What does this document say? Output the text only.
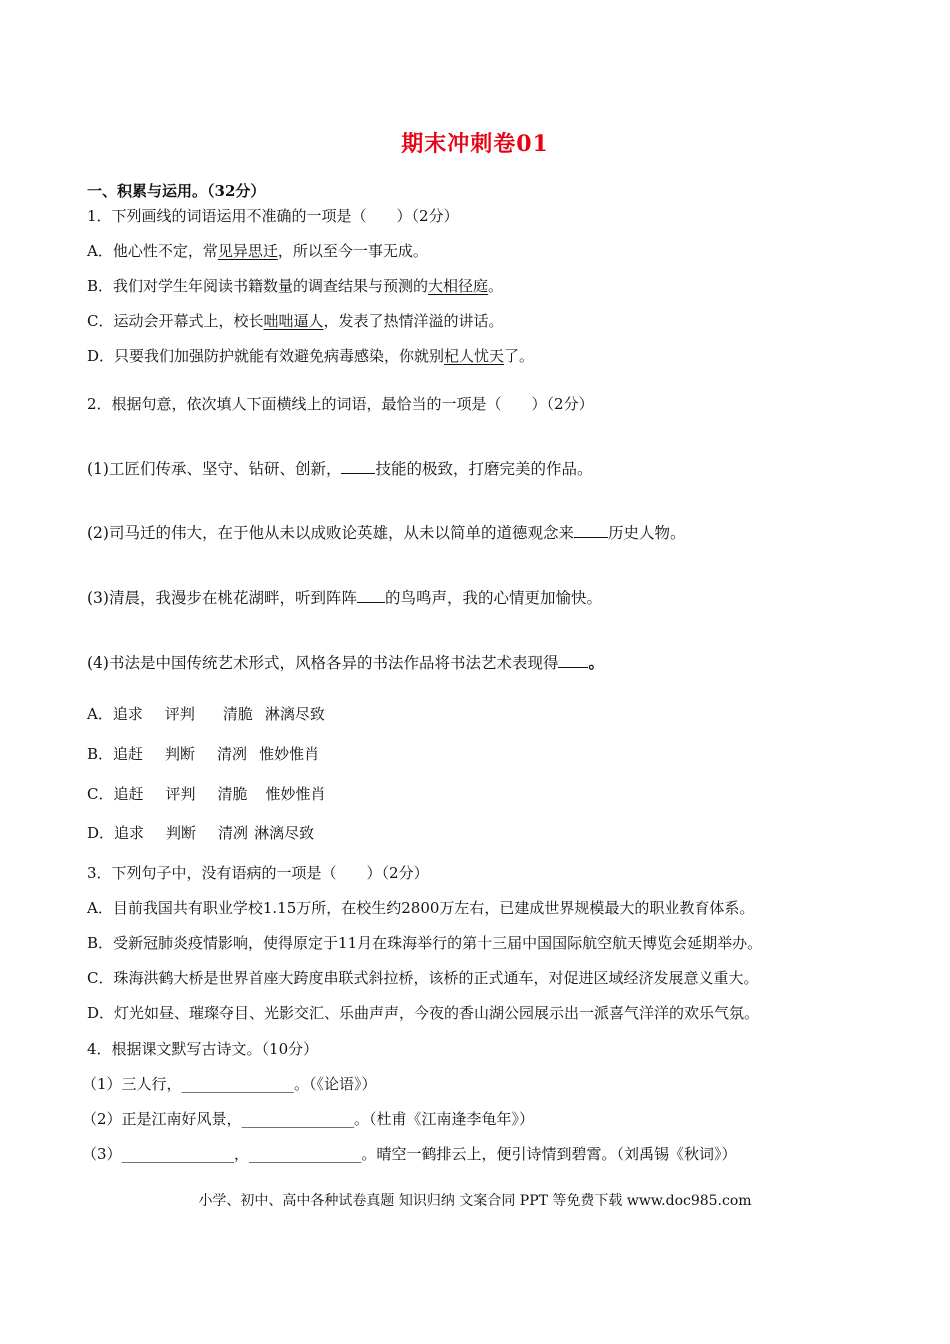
期末冲刺卷01
一、积累与运用。（32分）
1．下列画线的词语运用不准确的一项是（　　）（2分）
A．他心性不定，常见异思迁，所以至今一事无成。
B．我们对学生年阅读书籍数量的调查结果与预测的大相径庭。
C．运动会开幕式上，校长咄咄逼人，发表了热情洋溢的讲话。
D．只要我们加强防护就能有效避免病毒感染，你就别杞人忧天了。
2．根据句意，依次填人下面横线上的词语，最恰当的一项是（　　）（2分）
(1)工匠们传承、坚守、钻研、创新， 技能的极致，打磨完美的作品。
(2)司马迁的伟大，在于他从未以成败论英雄，从未以简单的道德观念来 历史人物。
(3)清晨，我漫步在桃花湖畔，听到阵阵 的鸟鸣声，我的心情更加愉快。
(4)书法是中国传统艺术形式，风格各异的书法作品将书法艺术表现得 。
A．追求 评判 清脆 淋漓尽致
B．追赶 判断 清冽 惟妙惟肖
C．追赶 评判 清脆 惟妙惟肖
D．追求 判断 清冽 淋漓尽致
3．下列句子中，没有语病的一项是（　　）（2分）
A．目前我国共有职业学校1.15万所，在校生约2800万左右，已建成世界规模最大的职业教育体系。
B．受新冠肺炎疫情影响，使得原定于11月在珠海举行的第十三届中国国际航空航天博览会延期举办。
C．珠海洪鹤大桥是世界首座大跨度串联式斜拉桥，该桥的正式通车，对促进区域经济发展意义重大。
D．灯光如昼、璀璨夺目、光影交汇、乐曲声声，今夜的香山湖公园展示出一派喜气洋洋的欢乐气氛。
4．根据课文默写古诗文。（10分）
（1）三人行，_______________。（《论语》）
（2）正是江南好风景，_______________。（杜甫《江南逢李龟年》）
（3）_______________，_______________。晴空一鹤排云上，便引诗情到碧霄。（刘禹锡《秋词》）
小学、初中、高中各种试卷真题 知识归纳 文案合同 PPT 等免费下载 www.doc985.com
